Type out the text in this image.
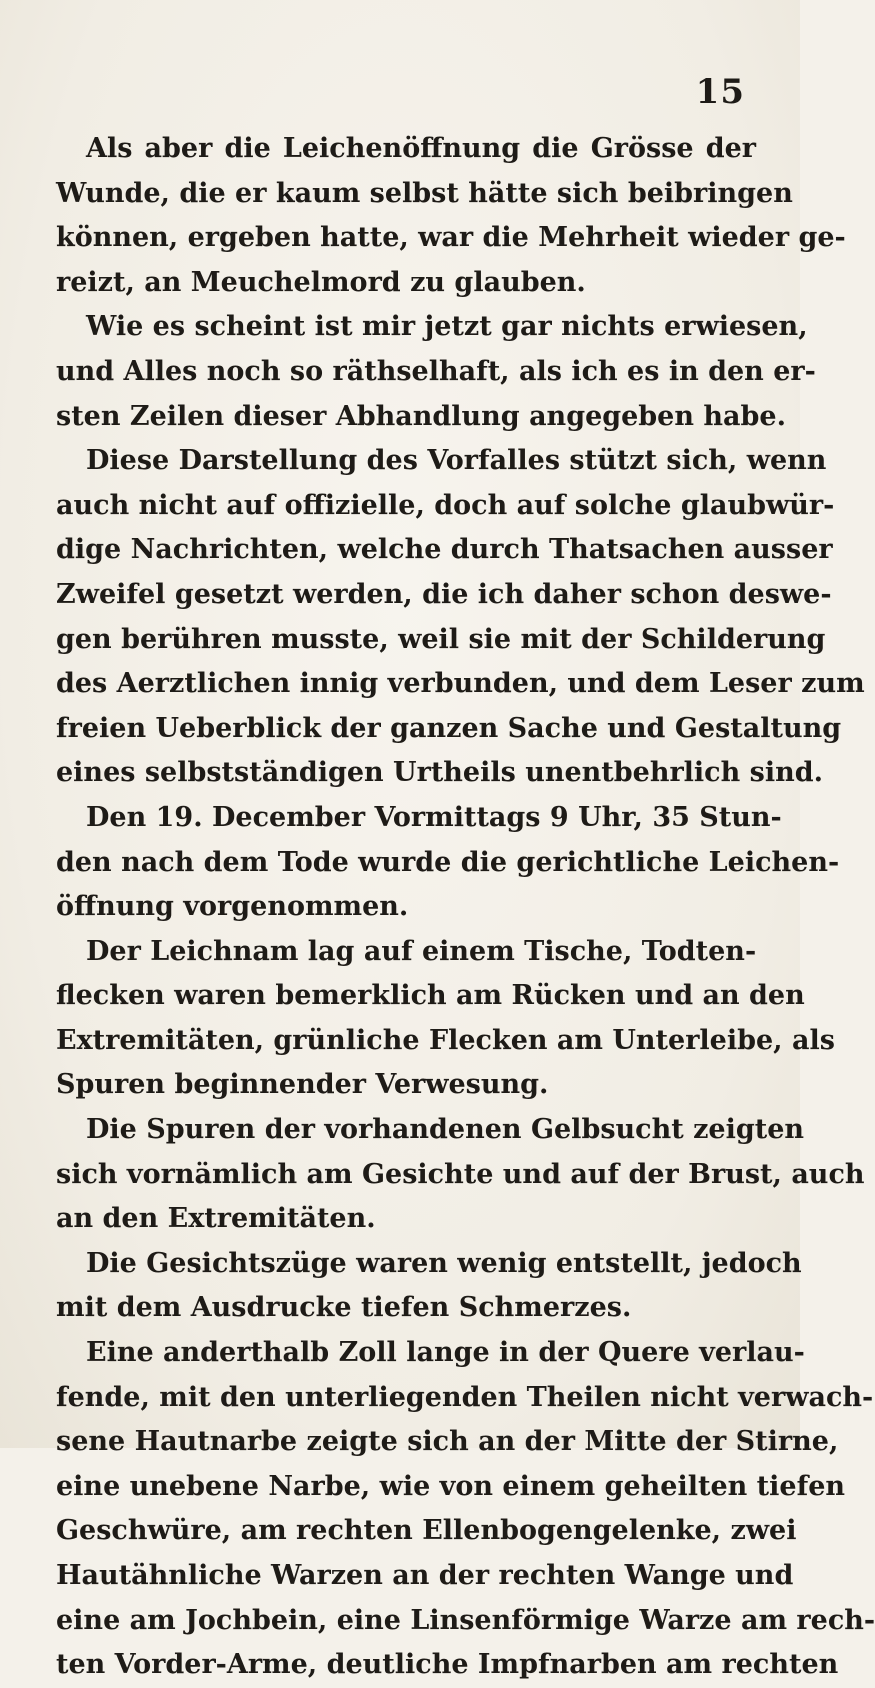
15
Als aber die Leichenöffnung die Grösse der
Wunde, die er kaum selbst hätte sich beibringen
können, ergeben hatte, war die Mehrheit wieder ge-
reizt, an Meuchelmord zu glauben.
Wie es scheint ist mir jetzt gar nichts erwiesen,
und Alles noch so räthselhaft, als ich es in den er-
sten Zeilen dieser Abhandlung angegeben habe.
Diese Darstellung des Vorfalles stützt sich, wenn
auch nicht auf offizielle, doch auf solche glaubwür-
dige Nachrichten, welche durch Thatsachen ausser
Zweifel gesetzt werden, die ich daher schon deswe-
gen berühren musste, weil sie mit der Schilderung
des Aerztlichen innig verbunden, und dem Leser zum
freien Ueberblick der ganzen Sache und Gestaltung
eines selbstständigen Urtheils unentbehrlich sind.
Den 19. December Vormittags 9 Uhr, 35 Stun-
den nach dem Tode wurde die gerichtliche Leichen-
öffnung vorgenommen.
Der Leichnam lag auf einem Tische, Todten-
flecken waren bemerklich am Rücken und an den
Extremitäten, grünliche Flecken am Unterleibe, als
Spuren beginnender Verwesung.
Die Spuren der vorhandenen Gelbsucht zeigten
sich vornämlich am Gesichte und auf der Brust, auch
an den Extremitäten.
Die Gesichtszüge waren wenig entstellt, jedoch
mit dem Ausdrucke tiefen Schmerzes.
Eine anderthalb Zoll lange in der Quere verlau-
fende, mit den unterliegenden Theilen nicht verwach-
sene Hautnarbe zeigte sich an der Mitte der Stirne,
eine unebene Narbe, wie von einem geheilten tiefen
Geschwüre, am rechten Ellenbogengelenke, zwei
Hautähnliche Warzen an der rechten Wange und
eine am Jochbein, eine Linsenförmige Warze am rech-
ten Vorder-Arme, deutliche Impfnarben am rechten
